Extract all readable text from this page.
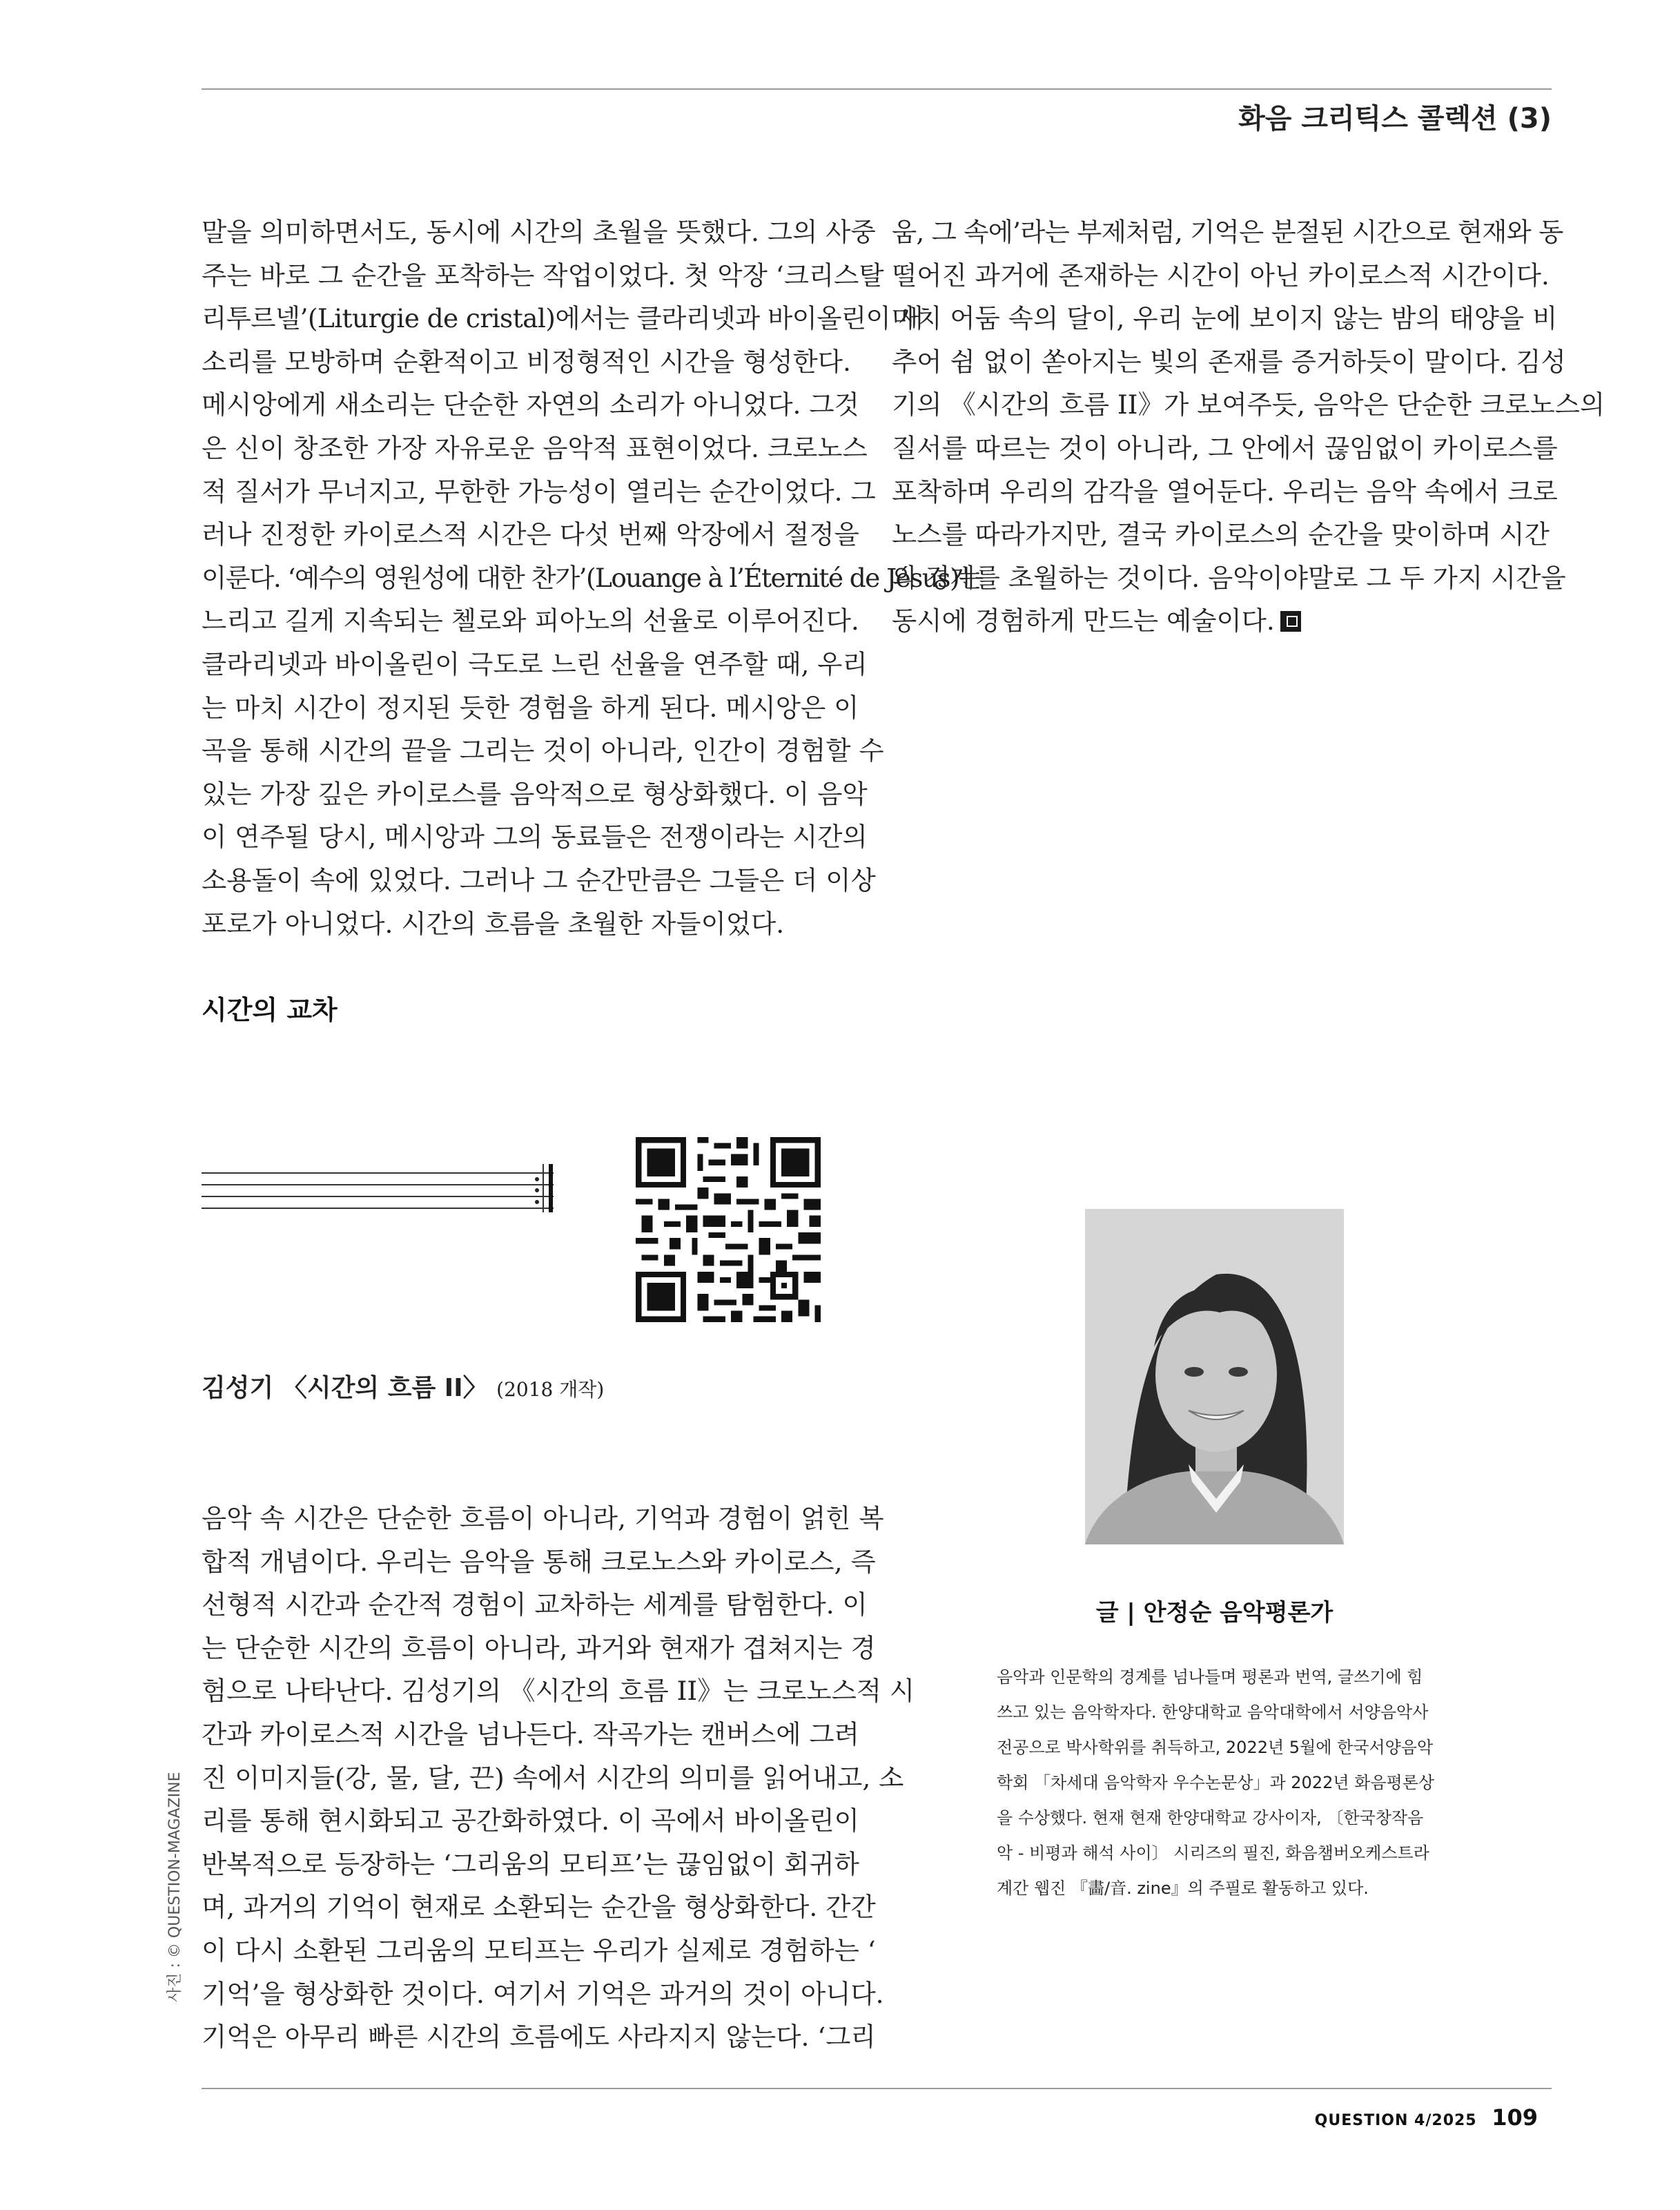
화음 크리틱스 콜렉션 (3)

말을 의미하면서도, 동시에 시간의 초월을 뜻했다. 그의 사중
주는 바로 그 순간을 포착하는 작업이었다. 첫 악장 ‘크리스탈
리투르넬’(Liturgie de cristal)에서는 클라리넷과 바이올린이 새
소리를 모방하며 순환적이고 비정형적인 시간을 형성한다.
메시앙에게 새소리는 단순한 자연의 소리가 아니었다. 그것
은 신이 창조한 가장 자유로운 음악적 표현이었다. 크로노스
적 질서가 무너지고, 무한한 가능성이 열리는 순간이었다. 그
러나 진정한 카이로스적 시간은 다섯 번째 악장에서 절정을
이룬다. ‘예수의 영원성에 대한 찬가’(Louange à l’Éternité de Jésus)는
느리고 길게 지속되는 첼로와 피아노의 선율로 이루어진다.
클라리넷과 바이올린이 극도로 느린 선율을 연주할 때, 우리
는 마치 시간이 정지된 듯한 경험을 하게 된다. 메시앙은 이
곡을 통해 시간의 끝을 그리는 것이 아니라, 인간이 경험할 수
있는 가장 깊은 카이로스를 음악적으로 형상화했다. 이 음악
이 연주될 당시, 메시앙과 그의 동료들은 전쟁이라는 시간의
소용돌이 속에 있었다. 그러나 그 순간만큼은 그들은 더 이상
포로가 아니었다. 시간의 흐름을 초월한 자들이었다.

시간의 교차
김성기 〈시간의 흐름 II〉 (2018 개작)

음악 속 시간은 단순한 흐름이 아니라, 기억과 경험이 얽힌 복
합적 개념이다. 우리는 음악을 통해 크로노스와 카이로스, 즉
선형적 시간과 순간적 경험이 교차하는 세계를 탐험한다. 이
는 단순한 시간의 흐름이 아니라, 과거와 현재가 겹쳐지는 경
험으로 나타난다. 김성기의 《시간의 흐름 II》는 크로노스적 시
간과 카이로스적 시간을 넘나든다. 작곡가는 캔버스에 그려
진 이미지들(강, 물, 달, 끈) 속에서 시간의 의미를 읽어내고, 소
리를 통해 현시화되고 공간화하였다. 이 곡에서 바이올린이
반복적으로 등장하는 ‘그리움의 모티프’는 끊임없이 회귀하
며, 과거의 기억이 현재로 소환되는 순간을 형상화한다. 간간
이 다시 소환된 그리움의 모티프는 우리가 실제로 경험하는 ‘
기억’을 형상화한 것이다. 여기서 기억은 과거의 것이 아니다.
기억은 아무리 빠른 시간의 흐름에도 사라지지 않는다. ‘그리

움, 그 속에’라는 부제처럼, 기억은 분절된 시간으로 현재와 동
떨어진 과거에 존재하는 시간이 아닌 카이로스적 시간이다.
마치 어둠 속의 달이, 우리 눈에 보이지 않는 밤의 태양을 비
추어 쉼 없이 쏟아지는 빛의 존재를 증거하듯이 말이다. 김성
기의 《시간의 흐름 II》가 보여주듯, 음악은 단순한 크로노스의
질서를 따르는 것이 아니라, 그 안에서 끊임없이 카이로스를
포착하며 우리의 감각을 열어둔다. 우리는 음악 속에서 크로
노스를 따라가지만, 결국 카이로스의 순간을 맞이하며 시간
의 경계를 초월하는 것이다. 음악이야말로 그 두 가지 시간을
동시에 경험하게 만드는 예술이다.

글 | 안정순 음악평론가
음악과 인문학의 경계를 넘나들며 평론과 번역, 글쓰기에 힘
쓰고 있는 음악학자다. 한양대학교 음악대학에서 서양음악사
전공으로 박사학위를 취득하고, 2022년 5월에 한국서양음악
학회 「차세대 음악학자 우수논문상」과 2022년 화음평론상
을 수상했다. 현재 현재 한양대학교 강사이자, 〔한국창작음
악 - 비평과 해석 사이〕 시리즈의 필진, 화음챔버오케스트라
계간 웹진 『畵/音. zine』의 주필로 활동하고 있다.
사진 : © QUESTION-MAGAZINE
QUESTION 4/2025 109
